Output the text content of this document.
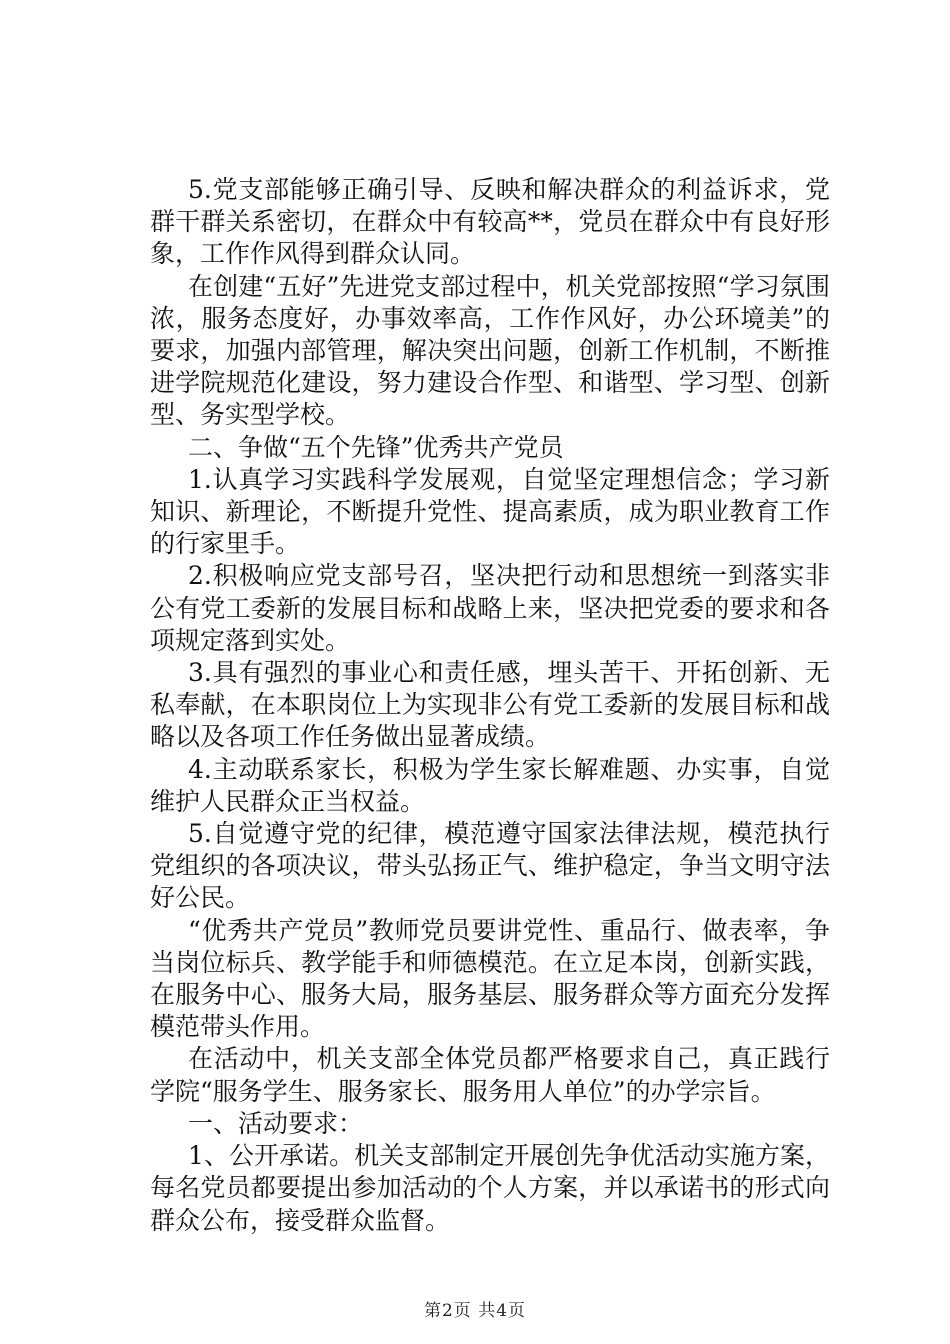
5.党支部能够正确引导、反映和解决群众的利益诉求，党群干群关系密切，在群众中有较高**，党员在群众中有良好形象，工作作风得到群众认同。

在创建“五好”先进党支部过程中，机关党部按照“学习氛围浓，服务态度好，办事效率高，工作作风好，办公环境美”的要求，加强内部管理，解决突出问题，创新工作机制，不断推进学院规范化建设，努力建设合作型、和谐型、学习型、创新型、务实型学校。

二、争做“五个先锋”优秀共产党员

1.认真学习实践科学发展观，自觉坚定理想信念；学习新知识、新理论，不断提升党性、提高素质，成为职业教育工作的行家里手。

2.积极响应党支部号召，坚决把行动和思想统一到落实非公有党工委新的发展目标和战略上来，坚决把党委的要求和各项规定落到实处。

3.具有强烈的事业心和责任感，埋头苦干、开拓创新、无私奉献，在本职岗位上为实现非公有党工委新的发展目标和战略以及各项工作任务做出显著成绩。

4.主动联系家长，积极为学生家长解难题、办实事，自觉维护人民群众正当权益。

5.自觉遵守党的纪律，模范遵守国家法律法规，模范执行党组织的各项决议，带头弘扬正气、维护稳定，争当文明守法好公民。

“优秀共产党员”教师党员要讲党性、重品行、做表率，争当岗位标兵、教学能手和师德模范。在立足本岗，创新实践，在服务中心、服务大局，服务基层、服务群众等方面充分发挥模范带头作用。

在活动中，机关支部全体党员都严格要求自己，真正践行学院“服务学生、服务家长、服务用人单位”的办学宗旨。

一、活动要求：

1、公开承诺。机关支部制定开展创先争优活动实施方案，每名党员都要提出参加活动的个人方案，并以承诺书的形式向群众公布，接受群众监督。

第2页 共4页
